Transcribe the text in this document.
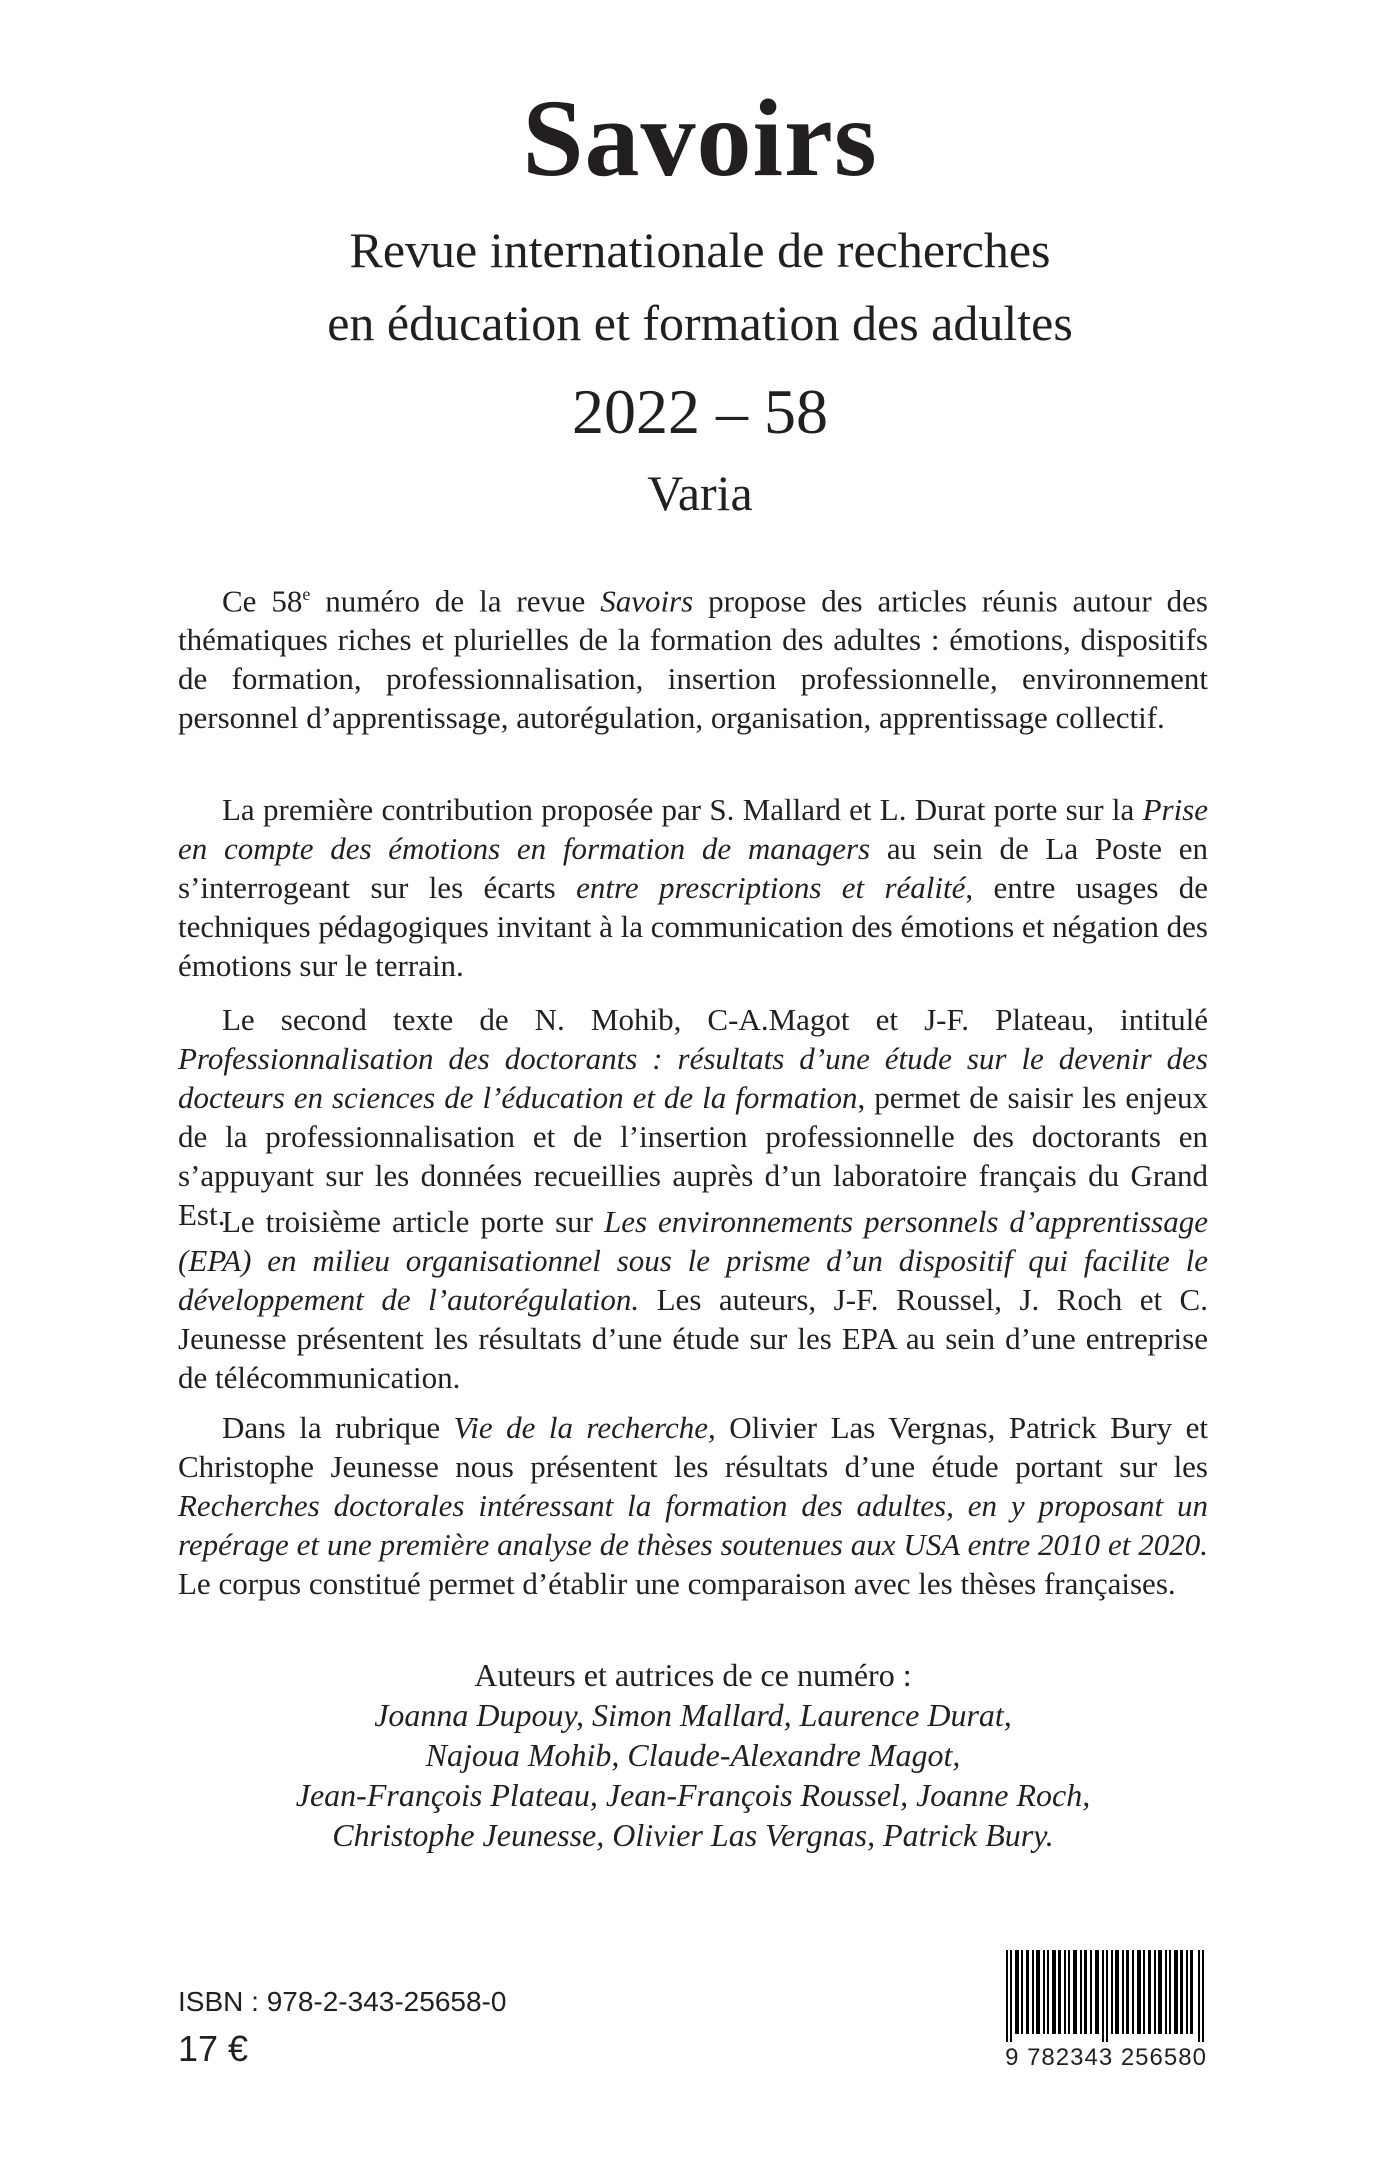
Savoirs
Revue internationale de recherches
en éducation et formation des adultes
2022 – 58
Varia

Ce 58e numéro de la revue Savoirs propose des articles réunis autour des thématiques riches et plurielles de la formation des adultes : émotions, dispositifs de formation, professionnalisation, insertion professionnelle, environnement personnel d’apprentissage, autorégulation, organisation, apprentissage collectif.

La première contribution proposée par S. Mallard et L. Durat porte sur la Prise en compte des émotions en formation de managers au sein de La Poste en s’interrogeant sur les écarts entre prescriptions et réalité, entre usages de techniques pédagogiques invitant à la communication des émotions et négation des émotions sur le terrain.

Le second texte de N. Mohib, C-A.Magot et J-F. Plateau, intitulé Professionnalisation des doctorants : résultats d’une étude sur le devenir des docteurs en sciences de l’éducation et de la formation, permet de saisir les enjeux de la professionnalisation et de l’insertion professionnelle des doctorants en s’appuyant sur les données recueillies auprès d’un laboratoire français du Grand Est.

Le troisième article porte sur Les environnements personnels d’apprentissage (EPA) en milieu organisationnel sous le prisme d’un dispositif qui facilite le développement de l’autorégulation. Les auteurs, J-F. Roussel, J. Roch et C. Jeunesse présentent les résultats d’une étude sur les EPA au sein d’une entreprise de télécommunication.

Dans la rubrique Vie de la recherche, Olivier Las Vergnas, Patrick Bury et Christophe Jeunesse nous présentent les résultats d’une étude portant sur les Recherches doctorales intéressant la formation des adultes, en y proposant un repérage et une première analyse de thèses soutenues aux USA entre 2010 et 2020. Le corpus constitué permet d’établir une comparaison avec les thèses françaises.

Auteurs et autrices de ce numéro :
Joanna Dupouy, Simon Mallard, Laurence Durat,
Najoua Mohib, Claude-Alexandre Magot,
Jean-François Plateau, Jean-François Roussel, Joanne Roch,
Christophe Jeunesse, Olivier Las Vergnas, Patrick Bury.
ISBN : 978-2-343-25658-0
17 €	9 782343 256580
